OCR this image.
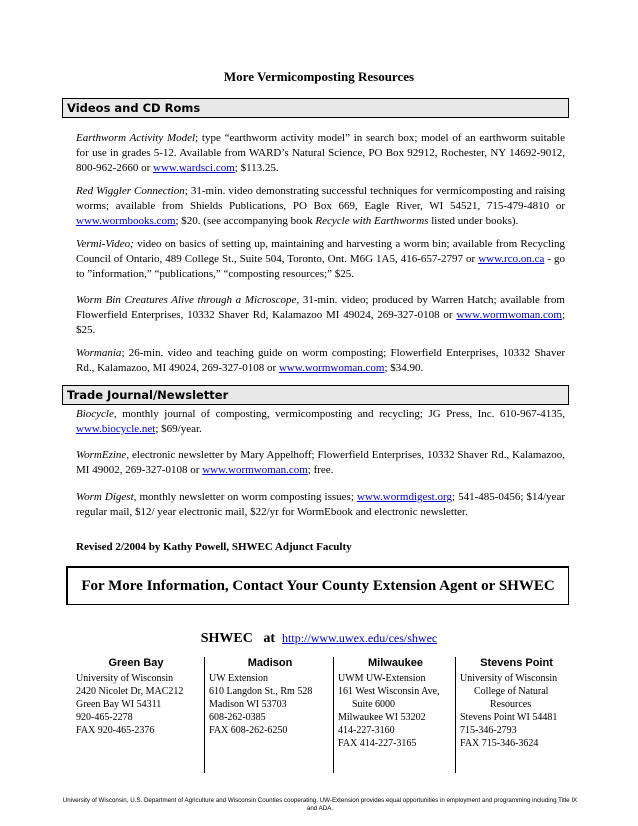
More Vermicomposting Resources
Videos and CD Roms
Earthworm Activity Model; type “earthworm activity model” in search box; model of an earthworm suitable for use in grades 5-12. Available from WARD’s Natural Science, PO Box 92912, Rochester, NY 14692-9012, 800-962-2660 or www.wardsci.com; $113.25.
Red Wiggler Connection; 31-min. video demonstrating successful techniques for vermicomposting and raising worms; available from Shields Publications, PO Box 669, Eagle River, WI 54521, 715-479-4810 or www.wormbooks.com; $20. (see accompanying book Recycle with Earthworms listed under books).
Vermi-Video; video on basics of setting up, maintaining and harvesting a worm bin; available from Recycling Council of Ontario, 489 College St., Suite 504, Toronto, Ont. M6G 1A5, 416-657-2797 or www.rco.on.ca - go to ”information,” “publications,” “composting resources;” $25.
Worm Bin Creatures Alive through a Microscope, 31-min. video; produced by Warren Hatch; available from Flowerfield Enterprises, 10332 Shaver Rd, Kalamazoo MI 49024, 269-327-0108 or www.wormwoman.com; $25.
Wormania; 26-min. video and teaching guide on worm composting; Flowerfield Enterprises, 10332 Shaver Rd., Kalamazoo, MI 49024, 269-327-0108 or www.wormwoman.com; $34.90.
Trade Journal/Newsletter
Biocycle, monthly journal of composting, vermicomposting and recycling; JG Press, Inc. 610-967-4135, www.biocycle.net; $69/year.
WormEzine, electronic newsletter by Mary Appelhoff; Flowerfield Enterprises, 10332 Shaver Rd., Kalamazoo, MI 49002, 269-327-0108 or www.wormwoman.com; free.
Worm Digest, monthly newsletter on worm composting issues; www.wormdigest.org; 541-485-0456; $14/year regular mail, $12/ year electronic mail, $22/yr for WormEbook and electronic newsletter.
Revised 2/2004 by Kathy Powell, SHWEC Adjunct Faculty
For More Information, Contact Your County Extension Agent or SHWEC
SHWEC at http://www.uwex.edu/ces/shwec
Green Bay
University of Wisconsin
2420 Nicolet Dr, MAC212
Green Bay WI 54311
920-465-2278
FAX 920-465-2376
Madison
UW Extension
610 Langdon St., Rm 528
Madison WI 53703
608-262-0385
FAX 608-262-6250
Milwaukee
UWM UW-Extension
161 West Wisconsin Ave,
Suite 6000
Milwaukee WI 53202
414-227-3160
FAX 414-227-3165
Stevens Point
University of Wisconsin
College of Natural
Resources
Stevens Point WI 54481
715-346-2793
FAX 715-346-3624
University of Wisconsin, U.S. Department of Agriculture and Wisconsin Counties cooperating. UW-Extension provides equal opportunities in employment and programming including Title IX and ADA.
